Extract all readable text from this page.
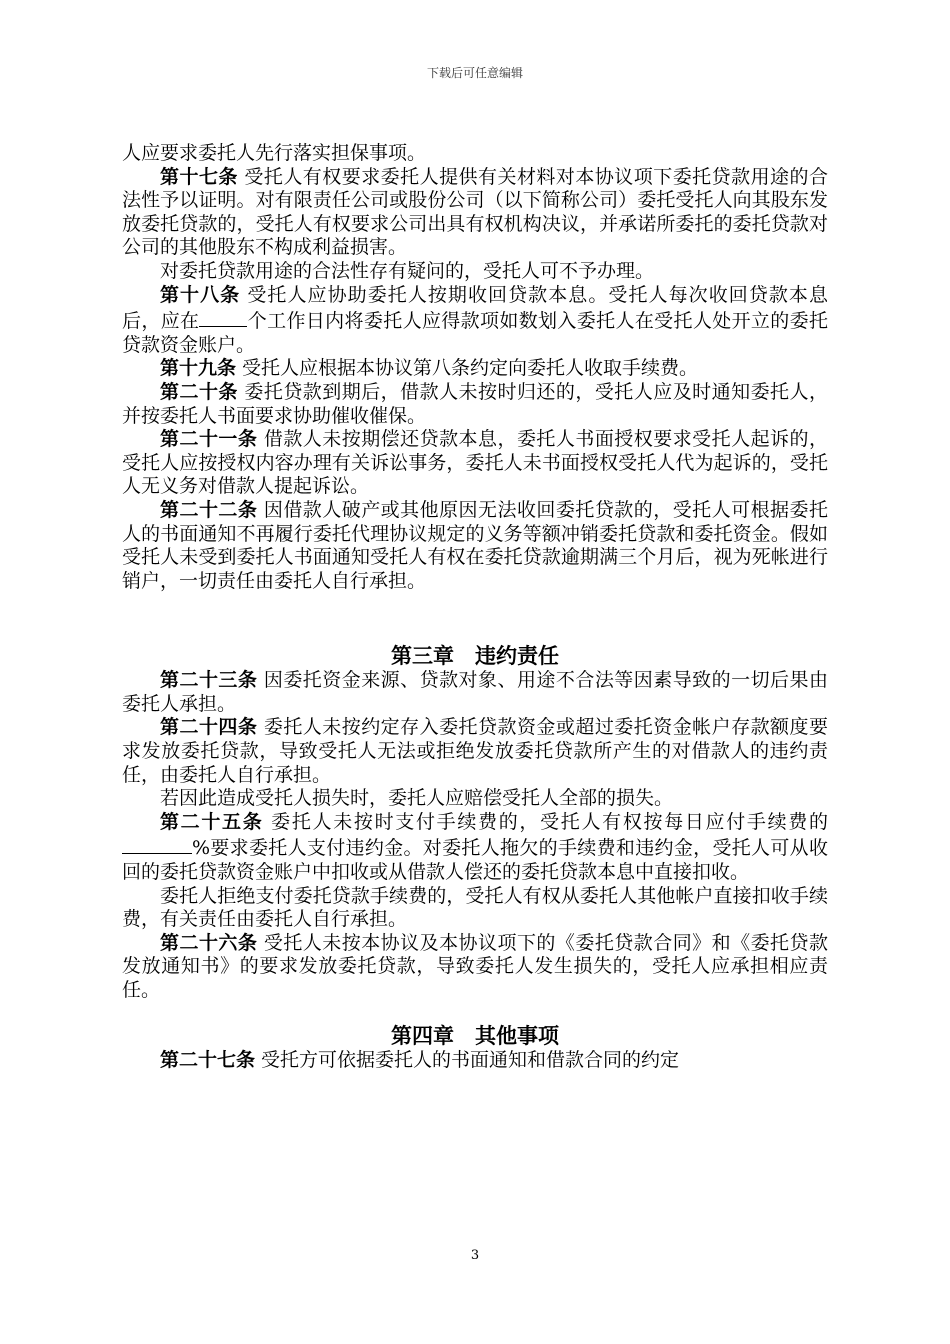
下载后可任意编辑

人应要求委托人先行落实担保事项。

第十七条 受托人有权要求委托人提供有关材料对本协议项下委托贷款用途的合法性予以证明。对有限责任公司或股份公司（以下简称公司）委托受托人向其股东发放委托贷款的，受托人有权要求公司出具有权机构决议，并承诺所委托的委托贷款对公司的其他股东不构成利益损害。

对委托贷款用途的合法性存有疑问的，受托人可不予办理。

第十八条 受托人应协助委托人按期收回贷款本息。受托人每次收回贷款本息后，应在	个工作日内将委托人应得款项如数划入委托人在受托人处开立的委托贷款资金账户。

第十九条 受托人应根据本协议第八条约定向委托人收取手续费。

第二十条 委托贷款到期后，借款人未按时归还的，受托人应及时通知委托人，并按委托人书面要求协助催收催保。

第二十一条 借款人未按期偿还贷款本息，委托人书面授权要求受托人起诉的，受托人应按授权内容办理有关诉讼事务，委托人未书面授权受托人代为起诉的，受托人无义务对借款人提起诉讼。

第二十二条 因借款人破产或其他原因无法收回委托贷款的，受托人可根据委托人的书面通知不再履行委托代理协议规定的义务等额冲销委托贷款和委托资金。假如受托人未受到委托人书面通知受托人有权在委托贷款逾期满三个月后，视为死帐进行销户，一切责任由委托人自行承担。

第三章　违约责任

第二十三条 因委托资金来源、贷款对象、用途不合法等因素导致的一切后果由委托人承担。

第二十四条 委托人未按约定存入委托贷款资金或超过委托资金帐户存款额度要求发放委托贷款，导致受托人无法或拒绝发放委托贷款所产生的对借款人的违约责任，由委托人自行承担。

若因此造成受托人损失时，委托人应赔偿受托人全部的损失。

第二十五条 委托人未按时支付手续费的，受托人有权按每日应付手续费的%要求委托人支付违约金。对委托人拖欠的手续费和违约金，受托人可从收回的委托贷款资金账户中扣收或从借款人偿还的委托贷款本息中直接扣收。

委托人拒绝支付委托贷款手续费的，受托人有权从委托人其他帐户直接扣收手续费，有关责任由委托人自行承担。

第二十六条 受托人未按本协议及本协议项下的《委托贷款合同》和《委托贷款发放通知书》的要求发放委托贷款，导致委托人发生损失的，受托人应承担相应责任。

第四章　其他事项

第二十七条 受托方可依据委托人的书面通知和借款合同的约定

3
